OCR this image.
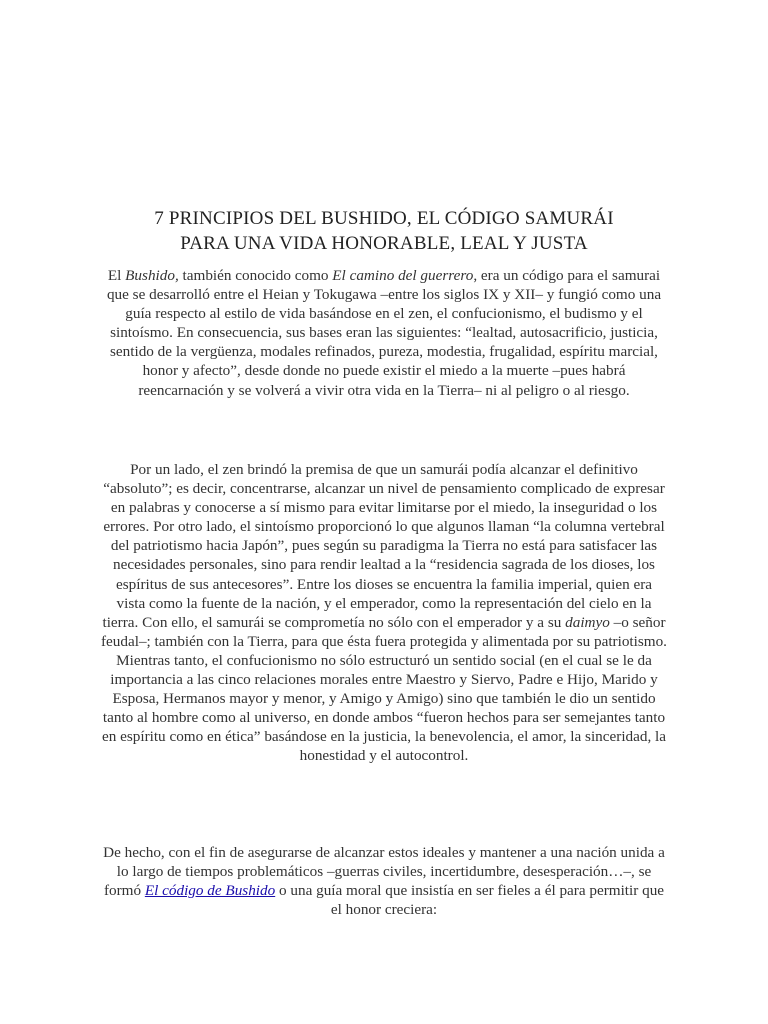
7 PRINCIPIOS DEL BUSHIDO, EL CÓDIGO SAMURÁI
PARA UNA VIDA HONORABLE, LEAL Y JUSTA

El Bushido, también conocido como El camino del guerrero, era un código para el samurai que se desarrolló entre el Heian y Tokugawa –entre los siglos IX y XII– y fungió como una guía respecto al estilo de vida basándose en el zen, el confucionismo, el budismo y el sintoísmo. En consecuencia, sus bases eran las siguientes: “lealtad, autosacrificio, justicia, sentido de la vergüenza, modales refinados, pureza, modestia, frugalidad, espíritu marcial, honor y afecto”, desde donde no puede existir el miedo a la muerte –pues habrá reencarnación y se volverá a vivir otra vida en la Tierra– ni al peligro o al riesgo.

Por un lado, el zen brindó la premisa de que un samurái podía alcanzar el definitivo “absoluto”; es decir, concentrarse, alcanzar un nivel de pensamiento complicado de expresar en palabras y conocerse a sí mismo para evitar limitarse por el miedo, la inseguridad o los errores. Por otro lado, el sintoísmo proporcionó lo que algunos llaman “la columna vertebral del patriotismo hacia Japón”, pues según su paradigma la Tierra no está para satisfacer las necesidades personales, sino para rendir lealtad a la “residencia sagrada de los dioses, los espíritus de sus antecesores”. Entre los dioses se encuentra la familia imperial, quien era vista como la fuente de la nación, y el emperador, como la representación del cielo en la tierra. Con ello, el samurái se comprometía no sólo con el emperador y a su daimyo –o señor feudal–; también con la Tierra, para que ésta fuera protegida y alimentada por su patriotismo. Mientras tanto, el confucionismo no sólo estructuró un sentido social (en el cual se le da importancia a las cinco relaciones morales entre Maestro y Siervo, Padre e Hijo, Marido y Esposa, Hermanos mayor y menor, y Amigo y Amigo) sino que también le dio un sentido tanto al hombre como al universo, en donde ambos “fueron hechos para ser semejantes tanto en espíritu como en ética” basándose en la justicia, la benevolencia, el amor, la sinceridad, la honestidad y el autocontrol.

De hecho, con el fin de asegurarse de alcanzar estos ideales y mantener a una nación unida a lo largo de tiempos problemáticos –guerras civiles, incertidumbre, desesperación…–, se formó El código de Bushido o una guía moral que insistía en ser fieles a él para permitir que el honor creciera:
